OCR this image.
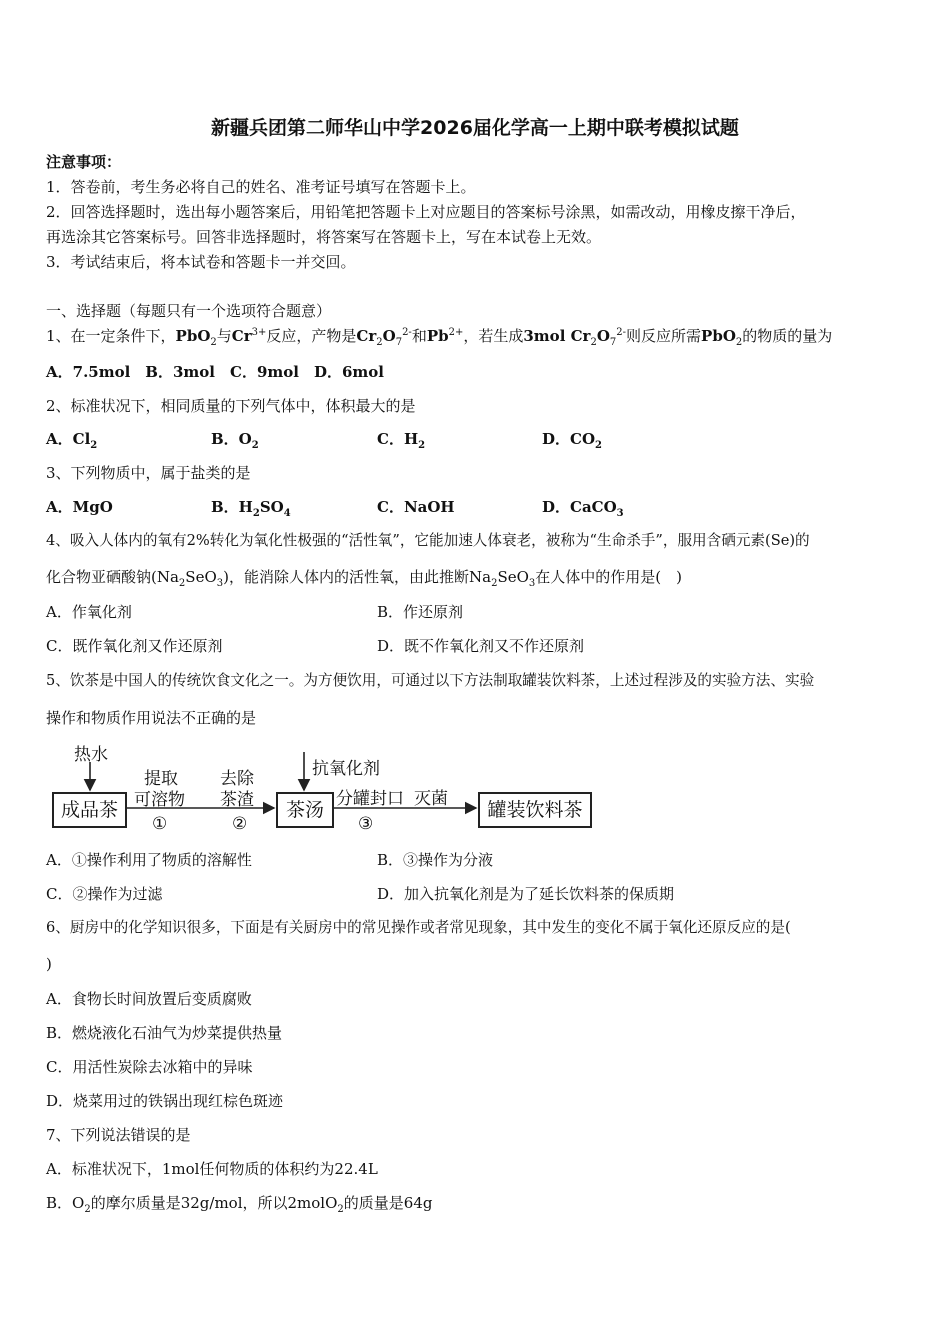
新疆兵团第二师华山中学2026届化学高一上期中联考模拟试题
注意事项：
1．答卷前，考生务必将自己的姓名、准考证号填写在答题卡上。
2．回答选择题时，选出每小题答案后，用铅笔把答题卡上对应题目的答案标号涂黑，如需改动，用橡皮擦干净后，
再选涂其它答案标号。回答非选择题时，将答案写在答题卡上，写在本试卷上无效。
3．考试结束后，将本试卷和答题卡一并交回。
一、选择题（每题只有一个选项符合题意）
1、在一定条件下，PbO$_2$与$Cr^{3+}$反应，产物是$Cr_2O_7^{2-}$和$Pb^{2+}$，若生成3mol $Cr_2O_7^{2-}$则反应所需PbO$_2$的物质的量为
A．7.5mol　B．3mol　C．9mol　D．6mol
2、标准状况下，相同质量的下列气体中，体积最大的是
A．$Cl_2$	B．$O_2$	C．$H_2$	D．$CO_2$
3、下列物质中，属于盐类的是
A．MgO	B．$H_2SO_4$	C．NaOH	D．CaCO$_3$
4、吸入人体内的氧有2%转化为氧化性极强的“活性氧”，它能加速人体衰老，被称为“生命杀手”，服用含硒元素(Se)的
化合物亚硒酸钠$(Na_2SeO_3)$，能消除人体内的活性氧，由此推断$Na_2SeO_3$在人体中的作用是(　)
A．作氧化剂	B．作还原剂
C．既作氧化剂又作还原剂	D．既不作氧化剂又不作还原剂
5、饮茶是中国人的传统饮食文化之一。为方便饮用，可通过以下方法制取罐装饮料茶，上述过程涉及的实验方法、实验
操作和物质作用说法不正确的是
热水
成品茶
提取
可溶物
①
去除
茶渣
②
抗氧化剂
茶汤 分罐封口
③
灭菌	罐装饮料茶
A．①操作利用了物质的溶解性	B．③操作为分液
C．②操作为过滤	D．加入抗氧化剂是为了延长饮料茶的保质期
6、厨房中的化学知识很多，下面是有关厨房中的常见操作或者常见现象，其中发生的变化不属于氧化还原反应的是(
)
A．食物长时间放置后变质腐败
B．燃烧液化石油气为炒菜提供热量
C．用活性炭除去冰箱中的异味
D．烧菜用过的铁锅出现红棕色斑迹
7、下列说法错误的是
A．标准状况下，1mol任何物质的体积约为22.4L
B．$O_2$的摩尔质量是32g/mol，所以2molO$_2$的质量是64g
